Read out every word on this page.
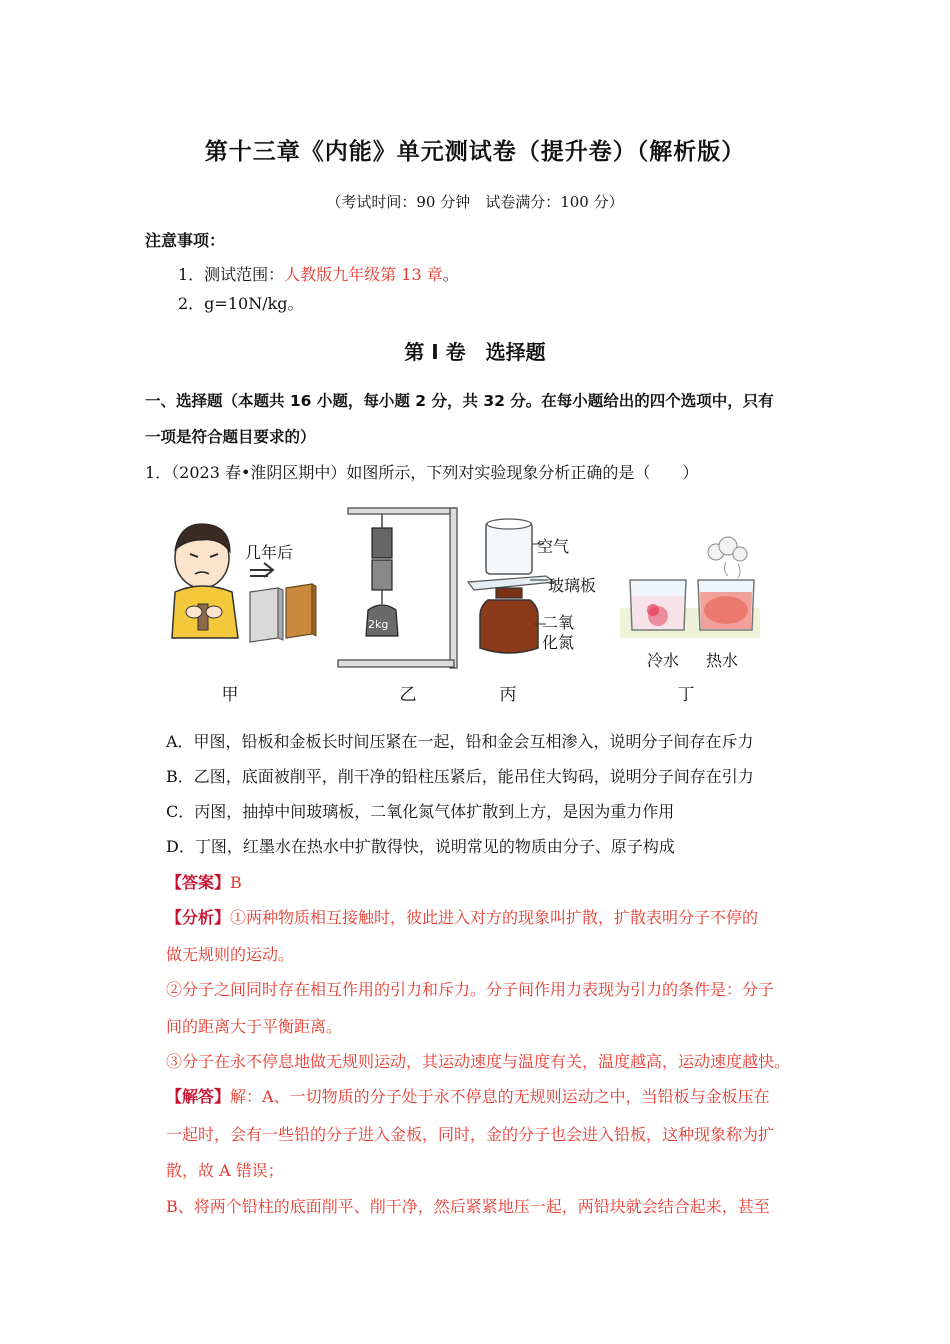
第十三章《内能》单元测试卷（提升卷）（解析版）
（考试时间：90 分钟　试卷满分：100 分）
注意事项：
1．测试范围：人教版九年级第 13 章。
2．g=10N/kg。
第 I 卷　选择题
一、选择题（本题共 16 小题，每小题 2 分，共 32 分。在每小题给出的四个选项中，只有
一项是符合题目要求的）
1．（2023 春•淮阴区期中）如图所示，下列对实验现象分析正确的是（　　）
几年后
2kg
空气
玻璃板
二氧
化氮
冷水 热水
甲	乙	丙	丁
A．甲图，铅板和金板长时间压紧在一起，铅和金会互相渗入，说明分子间存在斥力
B．乙图，底面被削平，削干净的铅柱压紧后，能吊住大钩码，说明分子间存在引力
C．丙图，抽掉中间玻璃板，二氧化氮气体扩散到上方，是因为重力作用
D．丁图，红墨水在热水中扩散得快，说明常见的物质由分子、原子构成
【答案】B
【分析】①两种物质相互接触时，彼此进入对方的现象叫扩散，扩散表明分子不停的
做无规则的运动。
②分子之间同时存在相互作用的引力和斥力。分子间作用力表现为引力的条件是：分子
间的距离大于平衡距离。
③分子在永不停息地做无规则运动，其运动速度与温度有关，温度越高，运动速度越快。
【解答】解：A、一切物质的分子处于永不停息的无规则运动之中，当铅板与金板压在
一起时，会有一些铅的分子进入金板，同时，金的分子也会进入铅板，这种现象称为扩
散，故 A 错误；
B、将两个铅柱的底面削平、削干净，然后紧紧地压一起，两铅块就会结合起来，甚至
